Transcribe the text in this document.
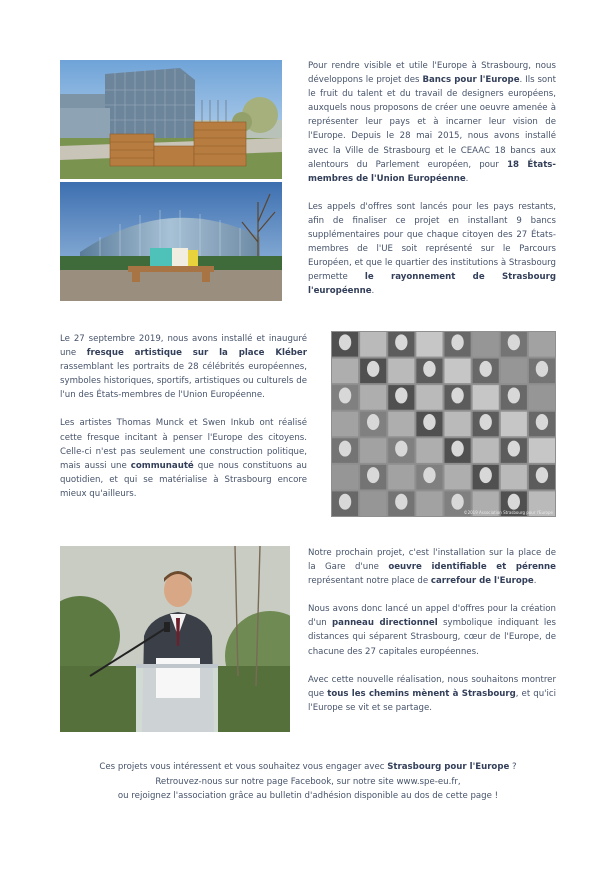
Pour rendre visible et utile l'Europe à Strasbourg, nous développons le projet des Bancs pour l'Europe. Ils sont le fruit du talent et du travail de designers européens, auxquels nous proposons de créer une oeuvre amenée à représenter leur pays et à incarner leur vision de l'Europe. Depuis le 28 mai 2015, nous avons installé avec la Ville de Strasbourg et le CEAAC 18 bancs aux alentours du Parlement européen, pour 18 États-membres de l'Union Européenne.

Les appels d'offres sont lancés pour les pays restants, afin de finaliser ce projet en installant 9 bancs supplémentaires pour que chaque citoyen des 27 États-membres de l'UE soit représenté sur le Parcours Européen, et que le quartier des institutions à Strasbourg permette le rayonnement de Strasbourg l'européenne.

Le 27 septembre 2019, nous avons installé et inauguré une fresque artistique sur la place Kléber rassemblant les portraits de 28 célébrités européennes, symboles historiques, sportifs, artistiques ou culturels de l'un des États-membres de l'Union Européenne.

Les artistes Thomas Munck et Swen Inkub ont réalisé cette fresque incitant à penser l'Europe des citoyens. Celle-ci n'est pas seulement une construction politique, mais aussi une communauté que nous constituons au quotidien, et qui se matérialise à Strasbourg encore mieux qu'ailleurs.

©2019 Association Strasbourg pour l'Europe

Notre prochain projet, c'est l'installation sur la place de la Gare d'une oeuvre identifiable et pérenne représentant notre place de carrefour de l'Europe.

Nous avons donc lancé un appel d'offres pour la création d'un panneau directionnel symbolique indiquant les distances qui séparent Strasbourg, cœur de l'Europe, de chacune des 27 capitales européennes.

Avec cette nouvelle réalisation, nous souhaitons montrer que tous les chemins mènent à Strasbourg, et qu'ici l'Europe se vit et se partage.

Ces projets vous intéressent et vous souhaitez vous engager avec Strasbourg pour l'Europe ?
Retrouvez-nous sur notre page Facebook, sur notre site www.spe-eu.fr,
ou rejoignez l'association grâce au bulletin d'adhésion disponible au dos de cette page !
